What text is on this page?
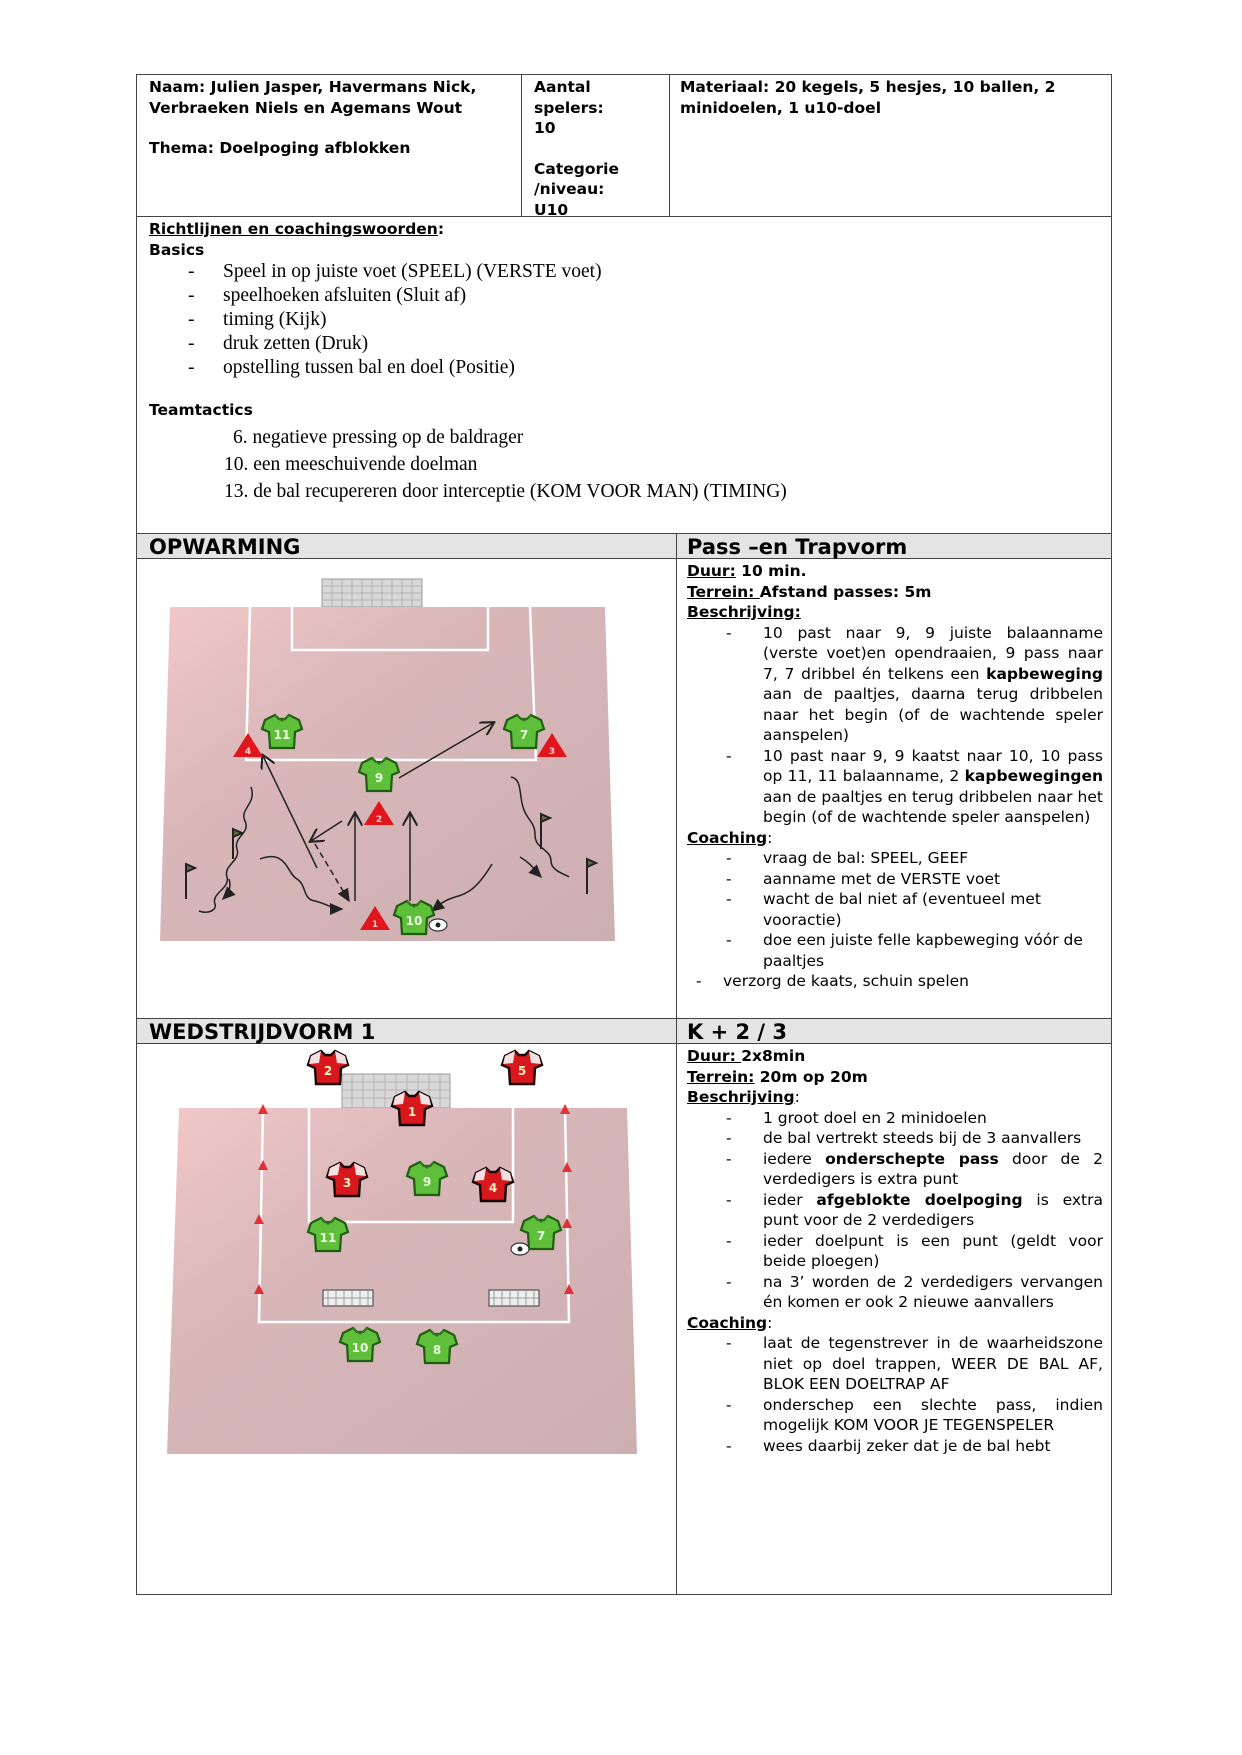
Naam: Julien Jasper, Havermans Nick, Verbraeken Niels en Agemans Wout
Thema: Doelpoging afblokken
Aantal spelers:
10
Categorie /niveau:
U10
Materiaal: 20 kegels, 5 hesjes, 10 ballen, 2 minidoelen, 1 u10-doel
Richtlijnen en coachingswoorden:
Basics
- Speel in op juiste voet (SPEEL) (VERSTE voet)
- speelhoeken afsluiten (Sluit af)
- timing (Kijk)
- druk zetten (Druk)
- opstelling tussen bal en doel (Positie)
Teamtactics
6. negatieve pressing op de baldrager
10. een meeschuivende doelman
13. de bal recupereren door interceptie (KOM VOOR MAN) (TIMING)
OPWARMING	Pass –en Trapvorm
4	3
2
1
11	7
9
10
Duur: 10 min.
Terrein: Afstand passes: 5m
Beschrijving:
- 10 past naar 9, 9 juiste balaanname (verste voet)en opendraaien, 9 pass naar 7, 7 dribbel én telkens een kapbeweging aan de paaltjes, daarna terug dribbelen naar het begin (of de wachtende speler aanspelen)
- 10 past naar 9, 9 kaatst naar 10, 10 pass op 11, 11 balaanname, 2 kapbewegingen aan de paaltjes en terug dribbelen naar het begin (of de wachtende speler aanspelen)
Coaching:
- vraag de bal: SPEEL, GEEF
- aanname met de VERSTE voet
- wacht de bal niet af (eventueel met vooractie)
- doe een juiste felle kapbeweging vóór de paaltjes
- verzorg de kaats, schuin spelen
WEDSTRIJDVORM 1	K + 2 / 3
2	5
1
3	4
9
11	7
10	8
Duur: 2x8min
Terrein: 20m op 20m
Beschrijving:
- 1 groot doel en 2 minidoelen
- de bal vertrekt steeds bij de 3 aanvallers
- iedere onderschepte pass door de 2 verdedigers is extra punt
- ieder afgeblokte doelpoging is extra punt voor de 2 verdedigers
- ieder doelpunt is een punt (geldt voor beide ploegen)
- na 3’ worden de 2 verdedigers vervangen én komen er ook 2 nieuwe aanvallers
Coaching:
- laat de tegenstrever in de waarheidszone niet op doel trappen, WEER DE BAL AF, BLOK EEN DOELTRAP AF
- onderschep een slechte pass, indien mogelijk KOM VOOR JE TEGENSPELER
- wees daarbij zeker dat je de bal hebt
